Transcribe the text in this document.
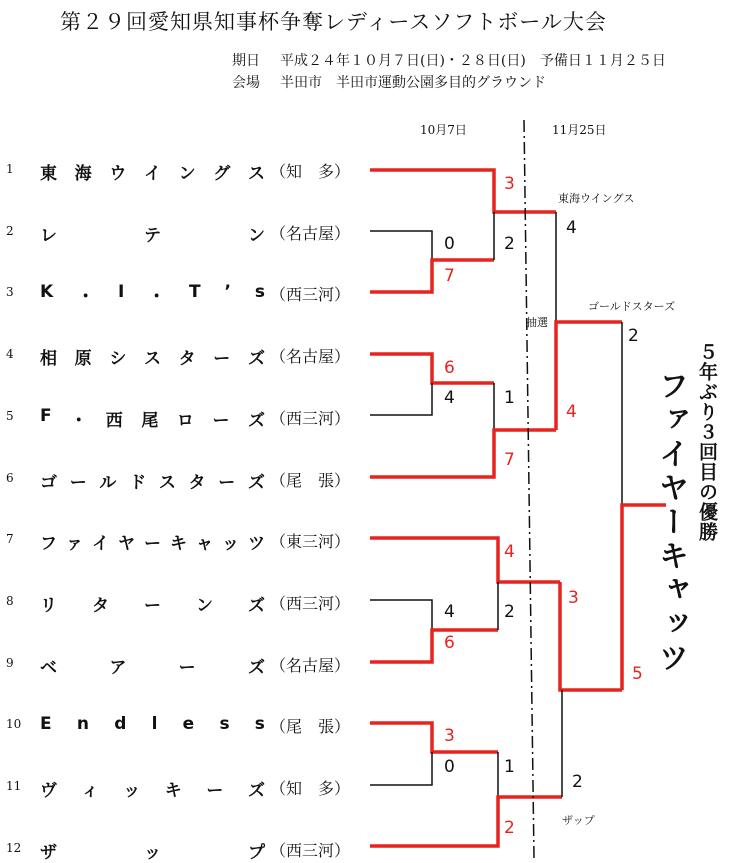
第２９回愛知県知事杯争奪レディースソフトボール大会
期日 平成２４年１０月７日(日)・２８日(日)　予備日１１月２５日
会場 半田市　半田市運動公園多目的グラウンド
10月7日	11月25日
1	東 海 ウ イ ン グ ス （知　多）
2	レ	テ	ン （名古屋）
3	K ・ I ・ T ’ s （西三河）
4	相 原 シ ス タ ー ズ （名古屋）
5	F ・ 西 尾 ロ ー ズ （西三河）
6	ゴ ー ル ド ス タ ー ズ （尾　張）
7	フ ァ イ ヤ ー キ ャ ッ ツ （東三河）
8	リ タ ー ン ズ （西三河）
9	ベ	ア	ー	ズ （名古屋）
10 E n d l e s s （尾　張）
11 ヴ ィ ッ キ ー ズ （知　多）
12 ザ	ッ	プ （西三河）
0
7
6
4
4
6
3
0
3
2
1
7
4
2
1
2
4
4
3
2
2
5
東海ウイングス
ゴールドスターズ
ザップ
抽選
５年ぶり３回目の優勝
ファイヤーキャッツ
